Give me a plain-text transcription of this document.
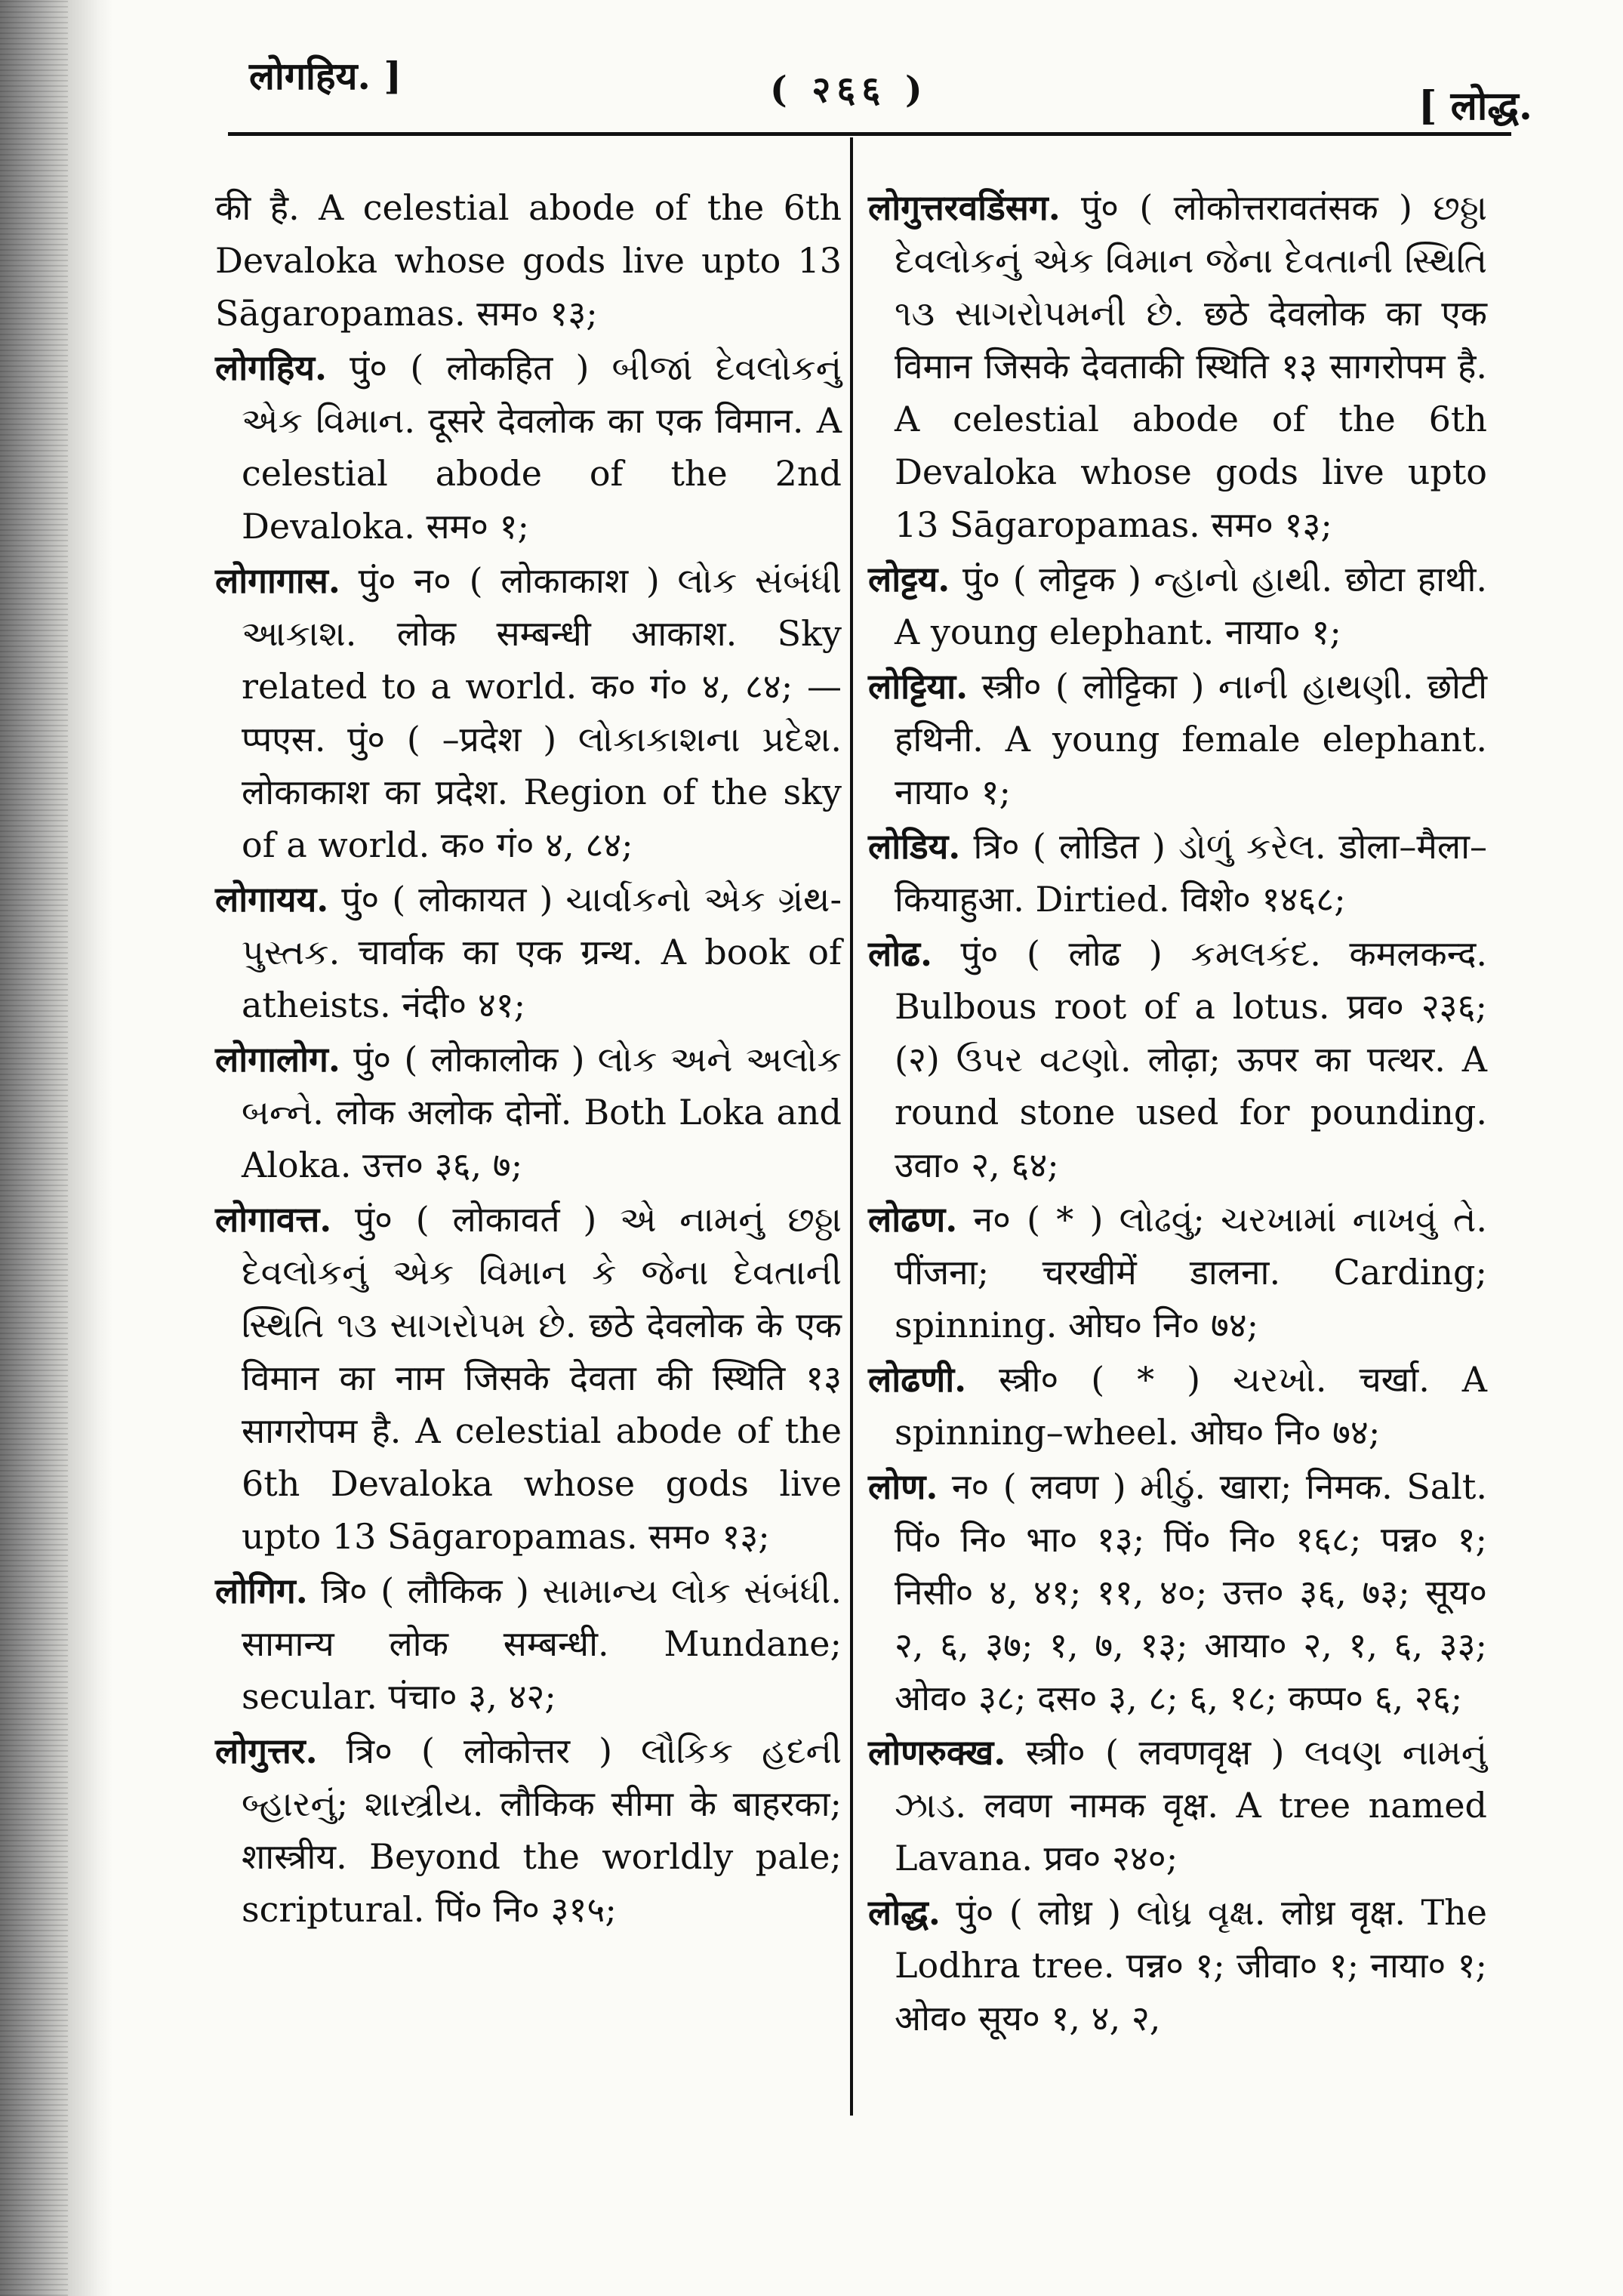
लोगहिय. ]	( २६६ )	[ लोद्ध.

की है. A celestial abode of the 6th Devaloka whose gods live upto 13 Sāgaropamas. सम० १३;

लोगहिय. पुं० ( लोकहित ) બીજાં દેવલોકનું એક વિમાન. दूसरे देवलोक का एक विमान. A celestial abode of the 2nd Devaloka. सम० १;

लोगागास. पुं० न० ( लोकाकाश ) લોક સંબંધી આકાશ. लोक सम्बन्धी आकाश. Sky related to a world. क० गं० ४, ८४; —प्पएस. पुं० ( –प्रदेश ) લોકાકાશના પ્રદેશ. लोकाकाश का प्रदेश. Region of the sky of a world. क० गं० ४, ८४;

लोगायय. पुं० ( लोकायत ) ચાર્વાકનો એક ગ્રંથ-પુસ્તક. चार्वाक का एक ग्रन्थ. A book of atheists. नंदी० ४१;

लोगालोग. पुं० ( लोकालोक ) લોક અને અલોક બન્ને. लोक अलोक दोनों. Both Loka and Aloka. उत्त० ३६, ७;

लोगावत्त. पुं० ( लोकावर्त ) એ નામનું છઠ્ઠા દેવલોકનું એક વિમાન કે જેના દેવતાની સ્થિતિ ૧૩ સાગરોપમ છે. छठे देवलोक के एक विमान का नाम जिसके देवता की स्थिति १३ सागरोपम है. A celestial abode of the 6th Devaloka whose gods live upto 13 Sāgaropamas. सम० १३;

लोगिग. त्रि० ( लौकिक ) સામાન્ય લોક સંબંધી. सामान्य लोक सम्बन्धी. Mundane; secular. पंचा० ३, ४२;

लोगुत्तर. त्रि० ( लोकोत्तर ) લૌકિક હદની બ્હારનું; શાસ્ત્રીય. लौकिक सीमा के बाहरका; शास्त्रीय. Beyond the worldly pale; scriptural. पिं० नि० ३१५;

लोगुत्तरवडिंसग. पुं० ( लोकोत्तरावतंसक ) છઠ્ઠા દેવલોકનું એક વિમાન જેના દેવતાની સ્થિતિ ૧૩ સાગરોપમની છે. छठे देवलोक का एक विमान जिसके देवताकी स्थिति १३ सागरोपम है. A celestial abode of the 6th Devaloka whose gods live upto 13 Sāgaropamas. सम० १३;

लोट्टय. पुं० ( लोट्टक ) ન્હાનો હાથી. छोटा हाथी. A young elephant. नाया० १;

लोट्टिया. स्त्री० ( लोट्टिका ) નાની હાથણી. छोटी हथिनी. A young female elephant. नाया० १;

लोडिय. त्रि० ( लोडित ) ડોળું કરેલ. डोला–मैला–कियाहुआ. Dirtied. विशे० १४६८;

लोढ. पुं० ( लोढ ) કમલકંદ. कमलकन्द. Bulbous root of a lotus. प्रव० २३६; (२) ઉપર વટણો. लोढ़ा; ऊपर का पत्थर. A round stone used for pounding. उवा० २, ६४;

लोढण. न० ( * ) લોઢવું; ચરખામાં નાખવું તે. पींजना; चरखीमें डालना. Carding; spinning. ओघ० नि० ७४;

लोढणी. स्त्री० ( * ) ચરખો. चर्खा. A spinning–wheel. ओघ० नि० ७४;

लोण. न० ( लवण ) મીઠું. खारा; निमक. Salt. पिं० नि० भा० १३; पिं० नि० १६८; पन्न० १; निसी० ४, ४१; ११, ४०; उत्त० ३६, ७३; सूय० २, ६, ३७; १, ७, १३; आया० २, १, ६, ३३; ओव० ३८; दस० ३, ८; ६, १८; कप्प० ६, २६;

लोणरुक्ख. स्त्री० ( लवणवृक्ष ) લવણ નામનું ઝાડ. लवण नामक वृक्ष. A tree named Lavana. प्रव० २४०;

लोद्ध. पुं० ( लोध्र ) લોધ્ર વૃક્ષ. लोध्र वृक्ष. The Lodhra tree. पन्न० १; जीवा० १; नाया० १; ओव० सूय० १, ४, २,
